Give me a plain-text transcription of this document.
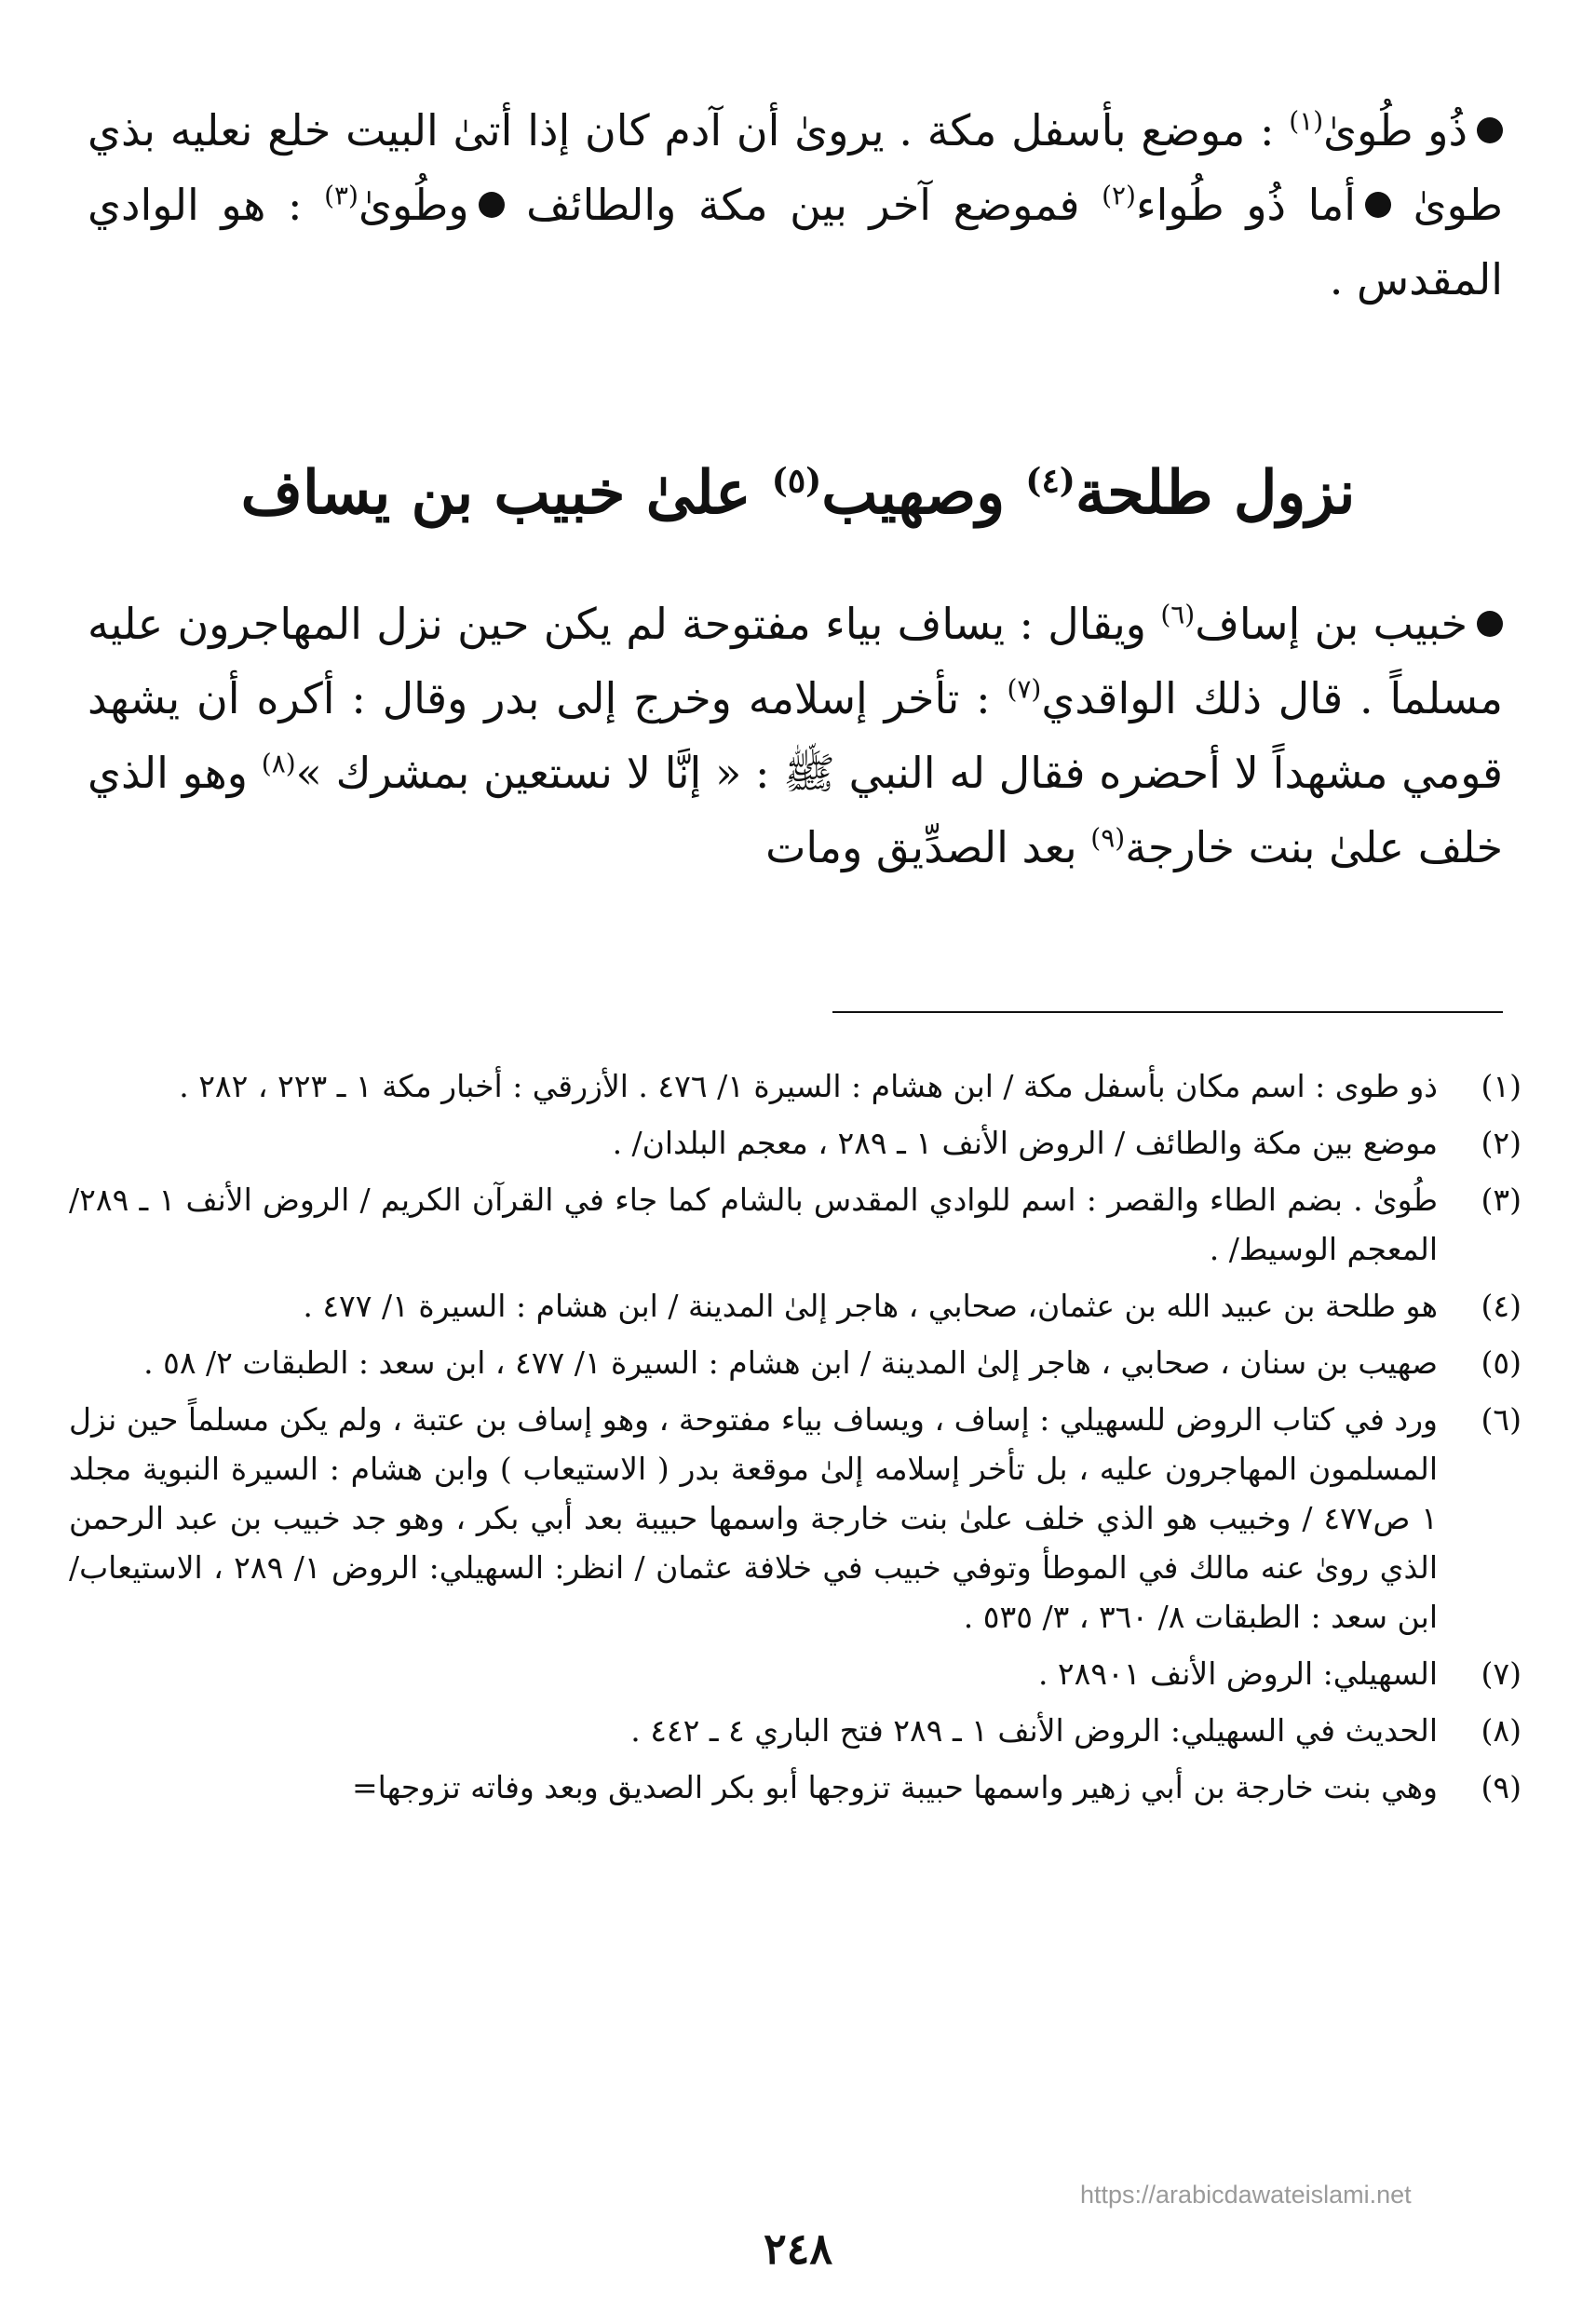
ذُو طُوىٰ$^{(١)}$ : موضع بأسفل مكة . يروىٰ أن آدم كان إذا أتىٰ البيت خلع نعليه بذي طوىٰ أما ذُو طُواء$^{(٢)}$ فموضع آخر بين مكة والطائف وطُوىٰ$^{(٣)}$ : هو الوادي المقدس .
نزول طلحة$^{(٤)}$ وصهيب$^{(٥)}$ علىٰ خبيب بن يساف
خبيب بن إساف$^{(٦)}$ ويقال : يساف بياء مفتوحة لم يكن حين نزل المهاجرون عليه مسلماً . قال ذلك الواقدي$^{(٧)}$ : تأخر إسلامه وخرج إلى بدر وقال : أكره أن يشهد قومي مشهداً لا أحضره فقال له النبي ﷺ : « إنَّا لا نستعين بمشرك »$^{(٨)}$ وهو الذي خلف علىٰ بنت خارجة$^{(٩)}$ بعد الصدِّيق ومات
(١)
ذو طوى : اسم مكان بأسفل مكة / ابن هشام : السيرة ١/ ٤٧٦ . الأزرقي : أخبار مكة ١ ـ ٢٢٣ ، ٢٨٢ .
(٢)
موضع بين مكة والطائف / الروض الأنف ١ ـ ٢٨٩ ، معجم البلدان/ .
(٣)
طُوىٰ . بضم الطاء والقصر : اسم للوادي المقدس بالشام كما جاء في القرآن الكريم / الروض الأنف ١ ـ ٢٨٩/ المعجم الوسيط/ .
(٤)
هو طلحة بن عبيد الله بن عثمان، صحابي ، هاجر إلىٰ المدينة / ابن هشام : السيرة ١/ ٤٧٧ .
(٥)
صهيب بن سنان ، صحابي ، هاجر إلىٰ المدينة / ابن هشام : السيرة ١/ ٤٧٧ ، ابن سعد : الطبقات ٢/ ٥٨ .
(٦)
ورد في كتاب الروض للسهيلي : إساف ، ويساف بياء مفتوحة ، وهو إساف بن عتبة ، ولم يكن مسلماً حين نزل المسلمون المهاجرون عليه ، بل تأخر إسلامه إلىٰ موقعة بدر ( الاستيعاب ) وابن هشام : السيرة النبوية مجلد ١ ص٤٧٧ / وخبيب هو الذي خلف علىٰ بنت خارجة واسمها حبيبة بعد أبي بكر ، وهو جد خبيب بن عبد الرحمن الذي روىٰ عنه مالك في الموطأ وتوفي خبيب في خلافة عثمان / انظر: السهيلي: الروض ١/ ٢٨٩ ، الاستيعاب/ ابن سعد : الطبقات ٨/ ٣٦٠ ، ٣/ ٥٣٥ .
(٧)
السهيلي: الروض الأنف ٢٨٩٠١ .
(٨)
الحديث في السهيلي: الروض الأنف ١ ـ ٢٨٩ فتح الباري ٤ ـ ٤٤٢ .
(٩)
وهي بنت خارجة بن أبي زهير واسمها حبيبة تزوجها أبو بكر الصديق وبعد وفاته تزوجها=
https://arabicdawateislami.net
٢٤٨
